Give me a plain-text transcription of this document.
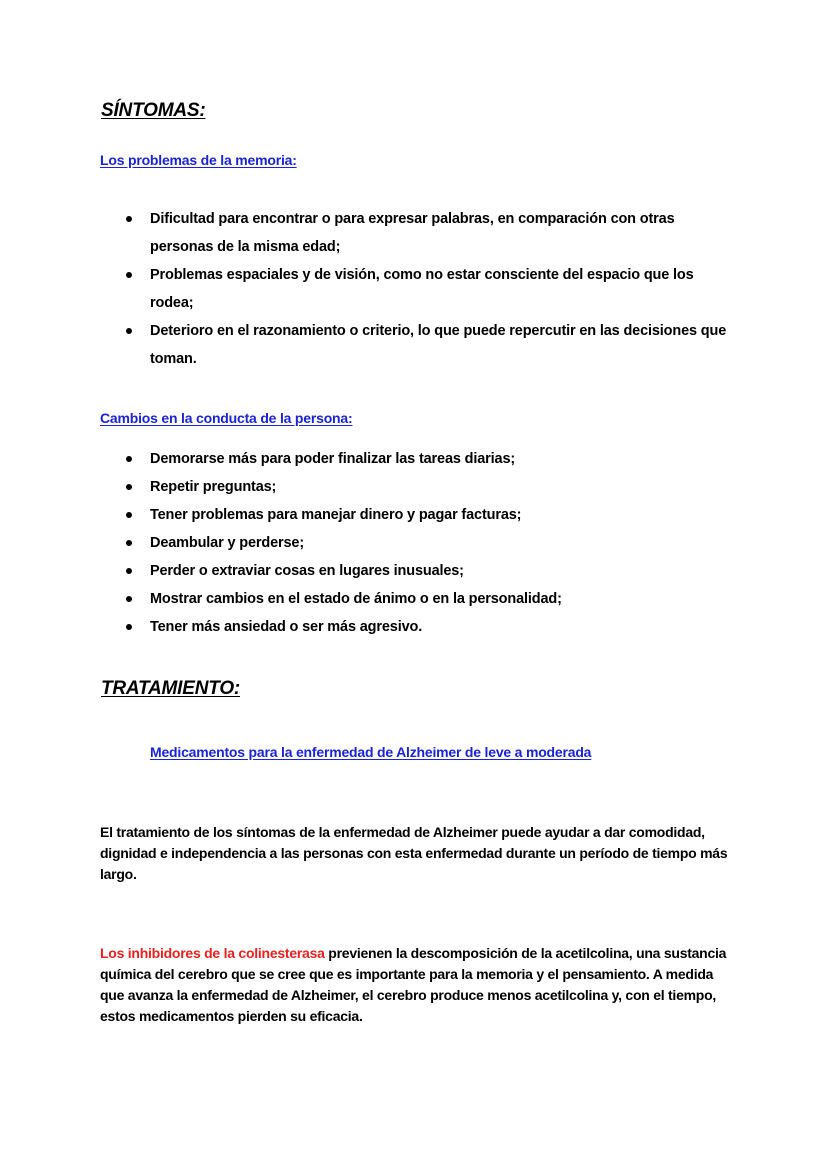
SÍNTOMAS:
Los problemas de la memoria:
Dificultad para encontrar o para expresar palabras, en comparación con otras personas de la misma edad;
Problemas espaciales y de visión, como no estar consciente del espacio que los rodea;
Deterioro en el razonamiento o criterio, lo que puede repercutir en las decisiones que toman.
Cambios en la conducta de la persona:
Demorarse más para poder finalizar las tareas diarias;
Repetir preguntas;
Tener problemas para manejar dinero y pagar facturas;
Deambular y perderse;
Perder o extraviar cosas en lugares inusuales;
Mostrar cambios en el estado de ánimo o en la personalidad;
Tener más ansiedad o ser más agresivo.
TRATAMIENTO:
Medicamentos para la enfermedad de Alzheimer de leve a moderada

El tratamiento de los síntomas de la enfermedad de Alzheimer puede ayudar a dar comodidad, dignidad e independencia a las personas con esta enfermedad durante un período de tiempo más largo.

Los inhibidores de la colinesterasa previenen la descomposición de la acetilcolina, una sustancia química del cerebro que se cree que es importante para la memoria y el pensamiento. A medida que avanza la enfermedad de Alzheimer, el cerebro produce menos acetilcolina y, con el tiempo, estos medicamentos pierden su eficacia.
